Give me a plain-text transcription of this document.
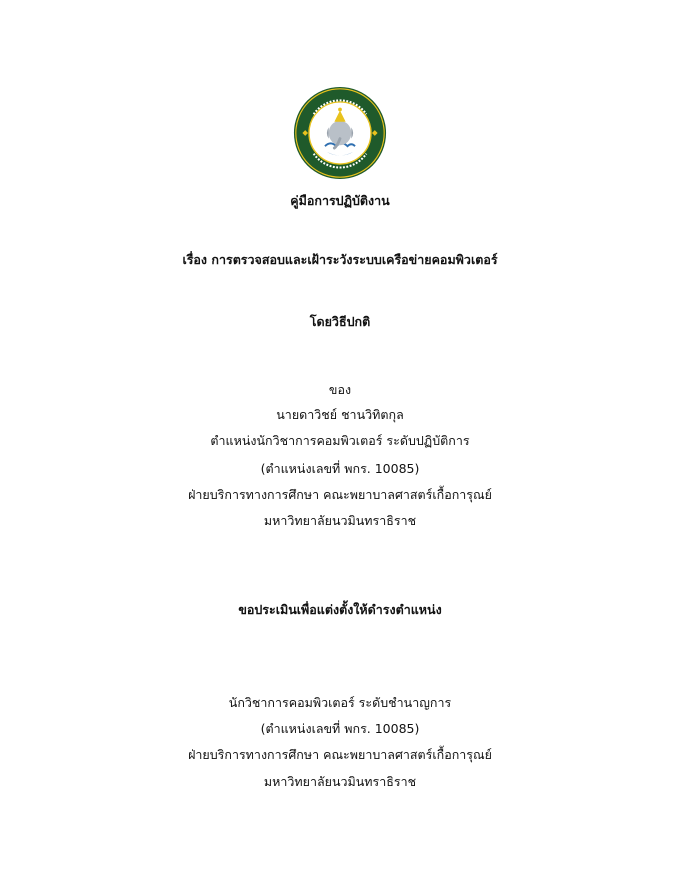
คู่มือการปฏิบัติงาน
เรื่อง การตรวจสอบและเฝ้าระวังระบบเครือข่ายคอมพิวเตอร์
โดยวิธีปกติ
ของ
นายดาวิชย์ ชานวิทิตกุล
ตำแหน่งนักวิชาการคอมพิวเตอร์ ระดับปฏิบัติการ
(ตำแหน่งเลขที่ พกร. 10085)
ฝ่ายบริการทางการศึกษา คณะพยาบาลศาสตร์เกื้อการุณย์
มหาวิทยาลัยนวมินทราธิราช
ขอประเมินเพื่อแต่งตั้งให้ดำรงตำแหน่ง
นักวิชาการคอมพิวเตอร์ ระดับชำนาญการ
(ตำแหน่งเลขที่ พกร. 10085)
ฝ่ายบริการทางการศึกษา คณะพยาบาลศาสตร์เกื้อการุณย์
มหาวิทยาลัยนวมินทราธิราช
